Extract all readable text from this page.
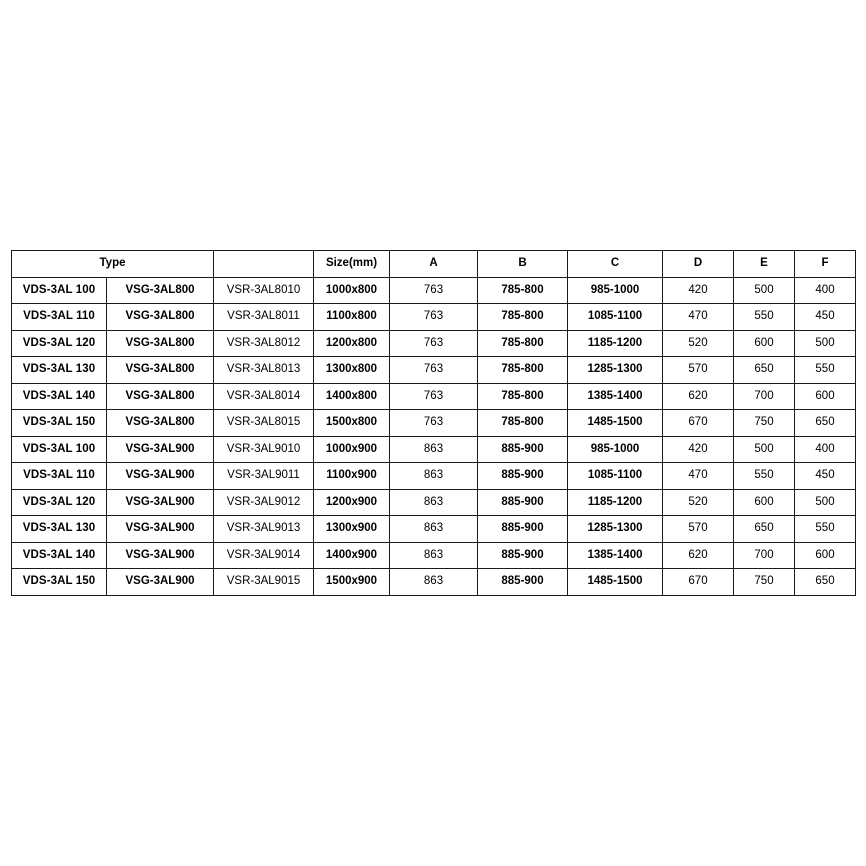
Type			Size(mm)	A	B	C	D	E	F
VDS-3AL 100	VSG-3AL800	VSR-3AL8010	1000x800	763	785-800	985-1000	420	500	400
VDS-3AL 110	VSG-3AL800	VSR-3AL8011	1100x800	763	785-800	1085-1100	470	550	450
VDS-3AL 120	VSG-3AL800	VSR-3AL8012	1200x800	763	785-800	1185-1200	520	600	500
VDS-3AL 130	VSG-3AL800	VSR-3AL8013	1300x800	763	785-800	1285-1300	570	650	550
VDS-3AL 140	VSG-3AL800	VSR-3AL8014	1400x800	763	785-800	1385-1400	620	700	600
VDS-3AL 150	VSG-3AL800	VSR-3AL8015	1500x800	763	785-800	1485-1500	670	750	650
VDS-3AL 100	VSG-3AL900	VSR-3AL9010	1000x900	863	885-900	985-1000	420	500	400
VDS-3AL 110	VSG-3AL900	VSR-3AL9011	1100x900	863	885-900	1085-1100	470	550	450
VDS-3AL 120	VSG-3AL900	VSR-3AL9012	1200x900	863	885-900	1185-1200	520	600	500
VDS-3AL 130	VSG-3AL900	VSR-3AL9013	1300x900	863	885-900	1285-1300	570	650	550
VDS-3AL 140	VSG-3AL900	VSR-3AL9014	1400x900	863	885-900	1385-1400	620	700	600
VDS-3AL 150	VSG-3AL900	VSR-3AL9015	1500x900	863	885-900	1485-1500	670	750	650
